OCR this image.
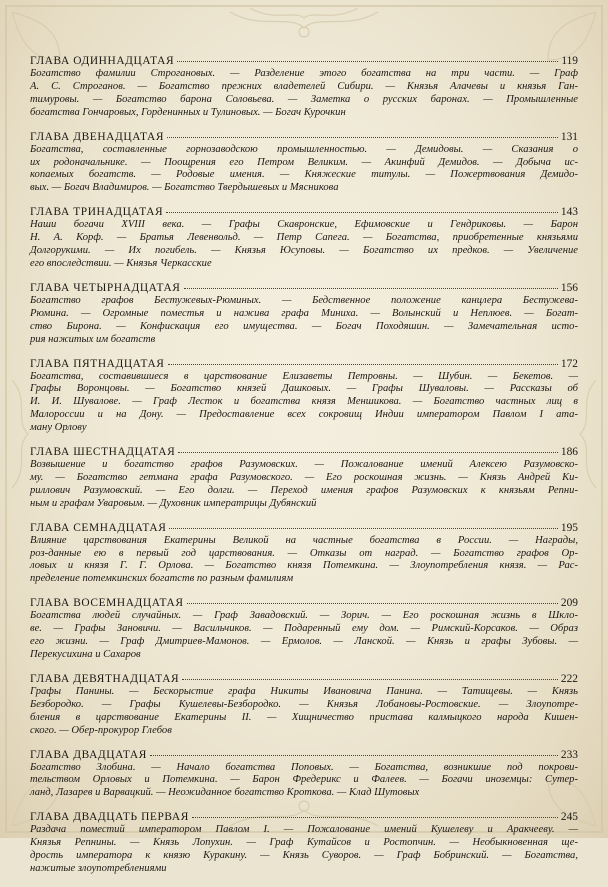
ГЛАВА ОДИННАДЦАТАЯ	119

Богатство фамилии Строгановых. — Разделение этого богатства на три части. — Граф
А. С. Строганов. — Богатство прежних владетелей Сибири. — Князья Алачевы и князья Ган-
тимуровы. — Богатство барона Соловьева. — Заметка о русских баронах. — Промышленные
богатства Гончаровых, Горденинных и Тулиновых. — Богач Курочкин

ГЛАВА ДВЕНАДЦАТАЯ	131

Богатства, составленные горнозаводскою промышленностью. — Демидовы. — Сказания о
их родоначальнике. — Поощрения его Петром Великим. — Акинфий Демидов. — Добыча ис-
копаемых богатств. — Родовые имения. — Княжеские титулы. — Пожертвования Демидо-
вых. — Богач Владимиров. — Богатство Твердышевых и Мясникова

ГЛАВА ТРИНАДЦАТАЯ	143

Наши богачи XVIII века. — Графы Скавронские, Ефимовские и Гендриковы. — Барон
Н. А. Корф. — Братья Левенвольд. — Петр Сапега. — Богатства, приобретенные князьями
Долгорукими. — Их погибель. — Князья Юсуповы. — Богатство их предков. — Увеличение
его впоследствии. — Князья Черкасские

ГЛАВА ЧЕТЫРНАДЦАТАЯ	156

Богатство графов Бестужевых-Рюминых. — Бедственное положение канцлера Бестужева-
Рюмина. — Огромные поместья и нажива графа Миниха. — Волынский и Неплюев. — Богат-
ство Бирона. — Конфискация его имущества. — Богач Походяшин. — Замечательная исто-
рия нажитых им богатств

ГЛАВА ПЯТНАДЦАТАЯ	172

Богатства, составившиеся в царствование Елизаветы Петровны. — Шубин. — Бекетов. —
Графы Воронцовы. — Богатство князей Дашковых. — Графы Шуваловы. — Рассказы об
И. И. Шувалове. — Граф Лесток и богатства князя Меншикова. — Богатство частных лиц в
Малороссии и на Дону. — Предоставление всех сокровищ Индии императором Павлом I ата-
ману Орлову

ГЛАВА ШЕСТНАДЦАТАЯ	186

Возвышение и богатство графов Разумовских. — Пожалование имений Алексею Разумовско-
му. — Богатство гетмана графа Разумовского. — Его роскошная жизнь. — Князь Андрей Ки-
риллович Разумовский. — Его долги. — Переход имения графов Разумовских к князьям Репни-
ным и графам Уваровым. — Духовник императрицы Дубянский

ГЛАВА СЕМНАДЦАТАЯ	195

Влияние царствования Екатерины Великой на частные богатства в России. — Награды,
роз-данные ею в первый год царствования. — Отказы от наград. — Богатство графов Ор-
ловых и князя Г. Г. Орлова. — Богатство князя Потемкина. — Злоупотребления князя. — Рас-
пределение потемкинских богатств по разным фамилиям

ГЛАВА ВОСЕМНАДЦАТАЯ	209

Богатства людей случайных. — Граф Завадовский. — Зорич. — Его роскошная жизнь в Шкло-
ве. — Графы Зановичи. — Васильчиков. — Подаренный ему дом. — Римский-Корсаков. — Образ
его жизни. — Граф Дмитриев-Мамонов. — Ермолов. — Ланской. — Князь и графы Зубовы. —
Перекусихина и Сахаров

ГЛАВА ДЕВЯТНАДЦАТАЯ	222

Графы Панины. — Бескорыстие графа Никиты Ивановича Панина. — Татищевы. — Князь
Безбородко. — Графы Кушелевы-Безбородко. — Князья Лобановы-Ростовские. — Злоупотре-
бления в царствование Екатерины II. — Хищничество пристава калмыцкого народа Кишен-
ского. — Обер-прокурор Глебов

ГЛАВА ДВАДЦАТАЯ	233

Богатство Злобина. — Начало богатства Поповых. — Богатства, возникшие под покрови-
тельством Орловых и Потемкина. — Барон Фредерикс и Фалеев. — Богачи иноземцы: Сутер-
ланд, Лазарев и Варвацкий. — Неожиданное богатство Кроткова. — Клад Шутовых

ГЛАВА ДВАДЦАТЬ ПЕРВАЯ	245

Раздача поместий императором Павлом I. — Пожалование имений Кушелеву и Аракчееву. —
Князья Репнины. — Князь Лопухин. — Граф Кутайсов и Ростопчин. — Необыкновенная ще-
дрость императора к князю Куракину. — Князь Суворов. — Граф Бобринский. — Богатства,
нажитые злоупотреблениями
